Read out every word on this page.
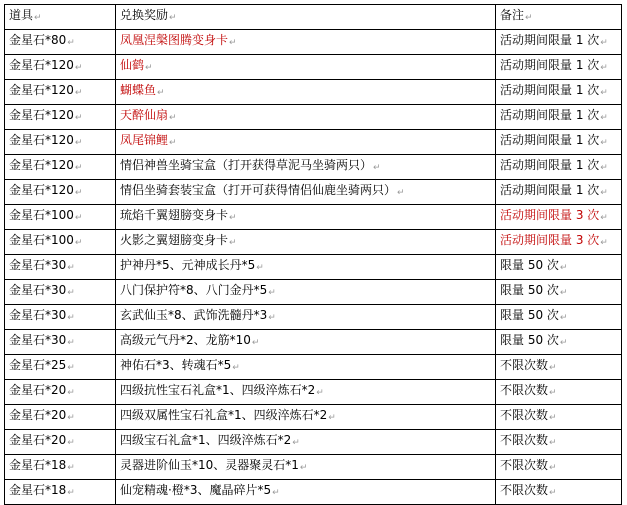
道具↵	兑换奖励↵	备注↵
金星石*80↵	凤凰涅槃图腾变身卡↵	活动期间限量 1 次↵
金星石*120↵	仙鹤↵	活动期间限量 1 次↵
金星石*120↵	蝴蝶鱼↵	活动期间限量 1 次↵
金星石*120↵	天醉仙扇↵	活动期间限量 1 次↵
金星石*120↵	凤尾锦鲤↵	活动期间限量 1 次↵
金星石*120↵	情侣神兽坐骑宝盒（打开获得草泥马坐骑两只）↵	活动期间限量 1 次↵
金星石*120↵	情侣坐骑套装宝盒（打开可获得情侣仙鹿坐骑两只）↵	活动期间限量 1 次↵
金星石*100↵	琉焰千翼翅膀变身卡↵	活动期间限量 3 次↵
金星石*100↵	火影之翼翅膀变身卡↵	活动期间限量 3 次↵
金星石*30↵	护神丹*5、元神成长丹*5↵	限量 50 次↵
金星石*30↵	八门保护符*8、八门金丹*5↵	限量 50 次↵
金星石*30↵	玄武仙玉*8、武饰洗髓丹*3↵	限量 50 次↵
金星石*30↵	高级元气丹*2、龙筋*10↵	限量 50 次↵
金星石*25↵	神佑石*3、转魂石*5↵	不限次数↵
金星石*20↵	四级抗性宝石礼盒*1、四级淬炼石*2↵	不限次数↵
金星石*20↵	四级双属性宝石礼盒*1、四级淬炼石*2↵	不限次数↵
金星石*20↵	四级宝石礼盒*1、四级淬炼石*2↵	不限次数↵
金星石*18↵	灵器进阶仙玉*10、灵器聚灵石*1↵	不限次数↵
金星石*18↵	仙宠精魂·橙*3、魔晶碎片*5↵	不限次数↵
